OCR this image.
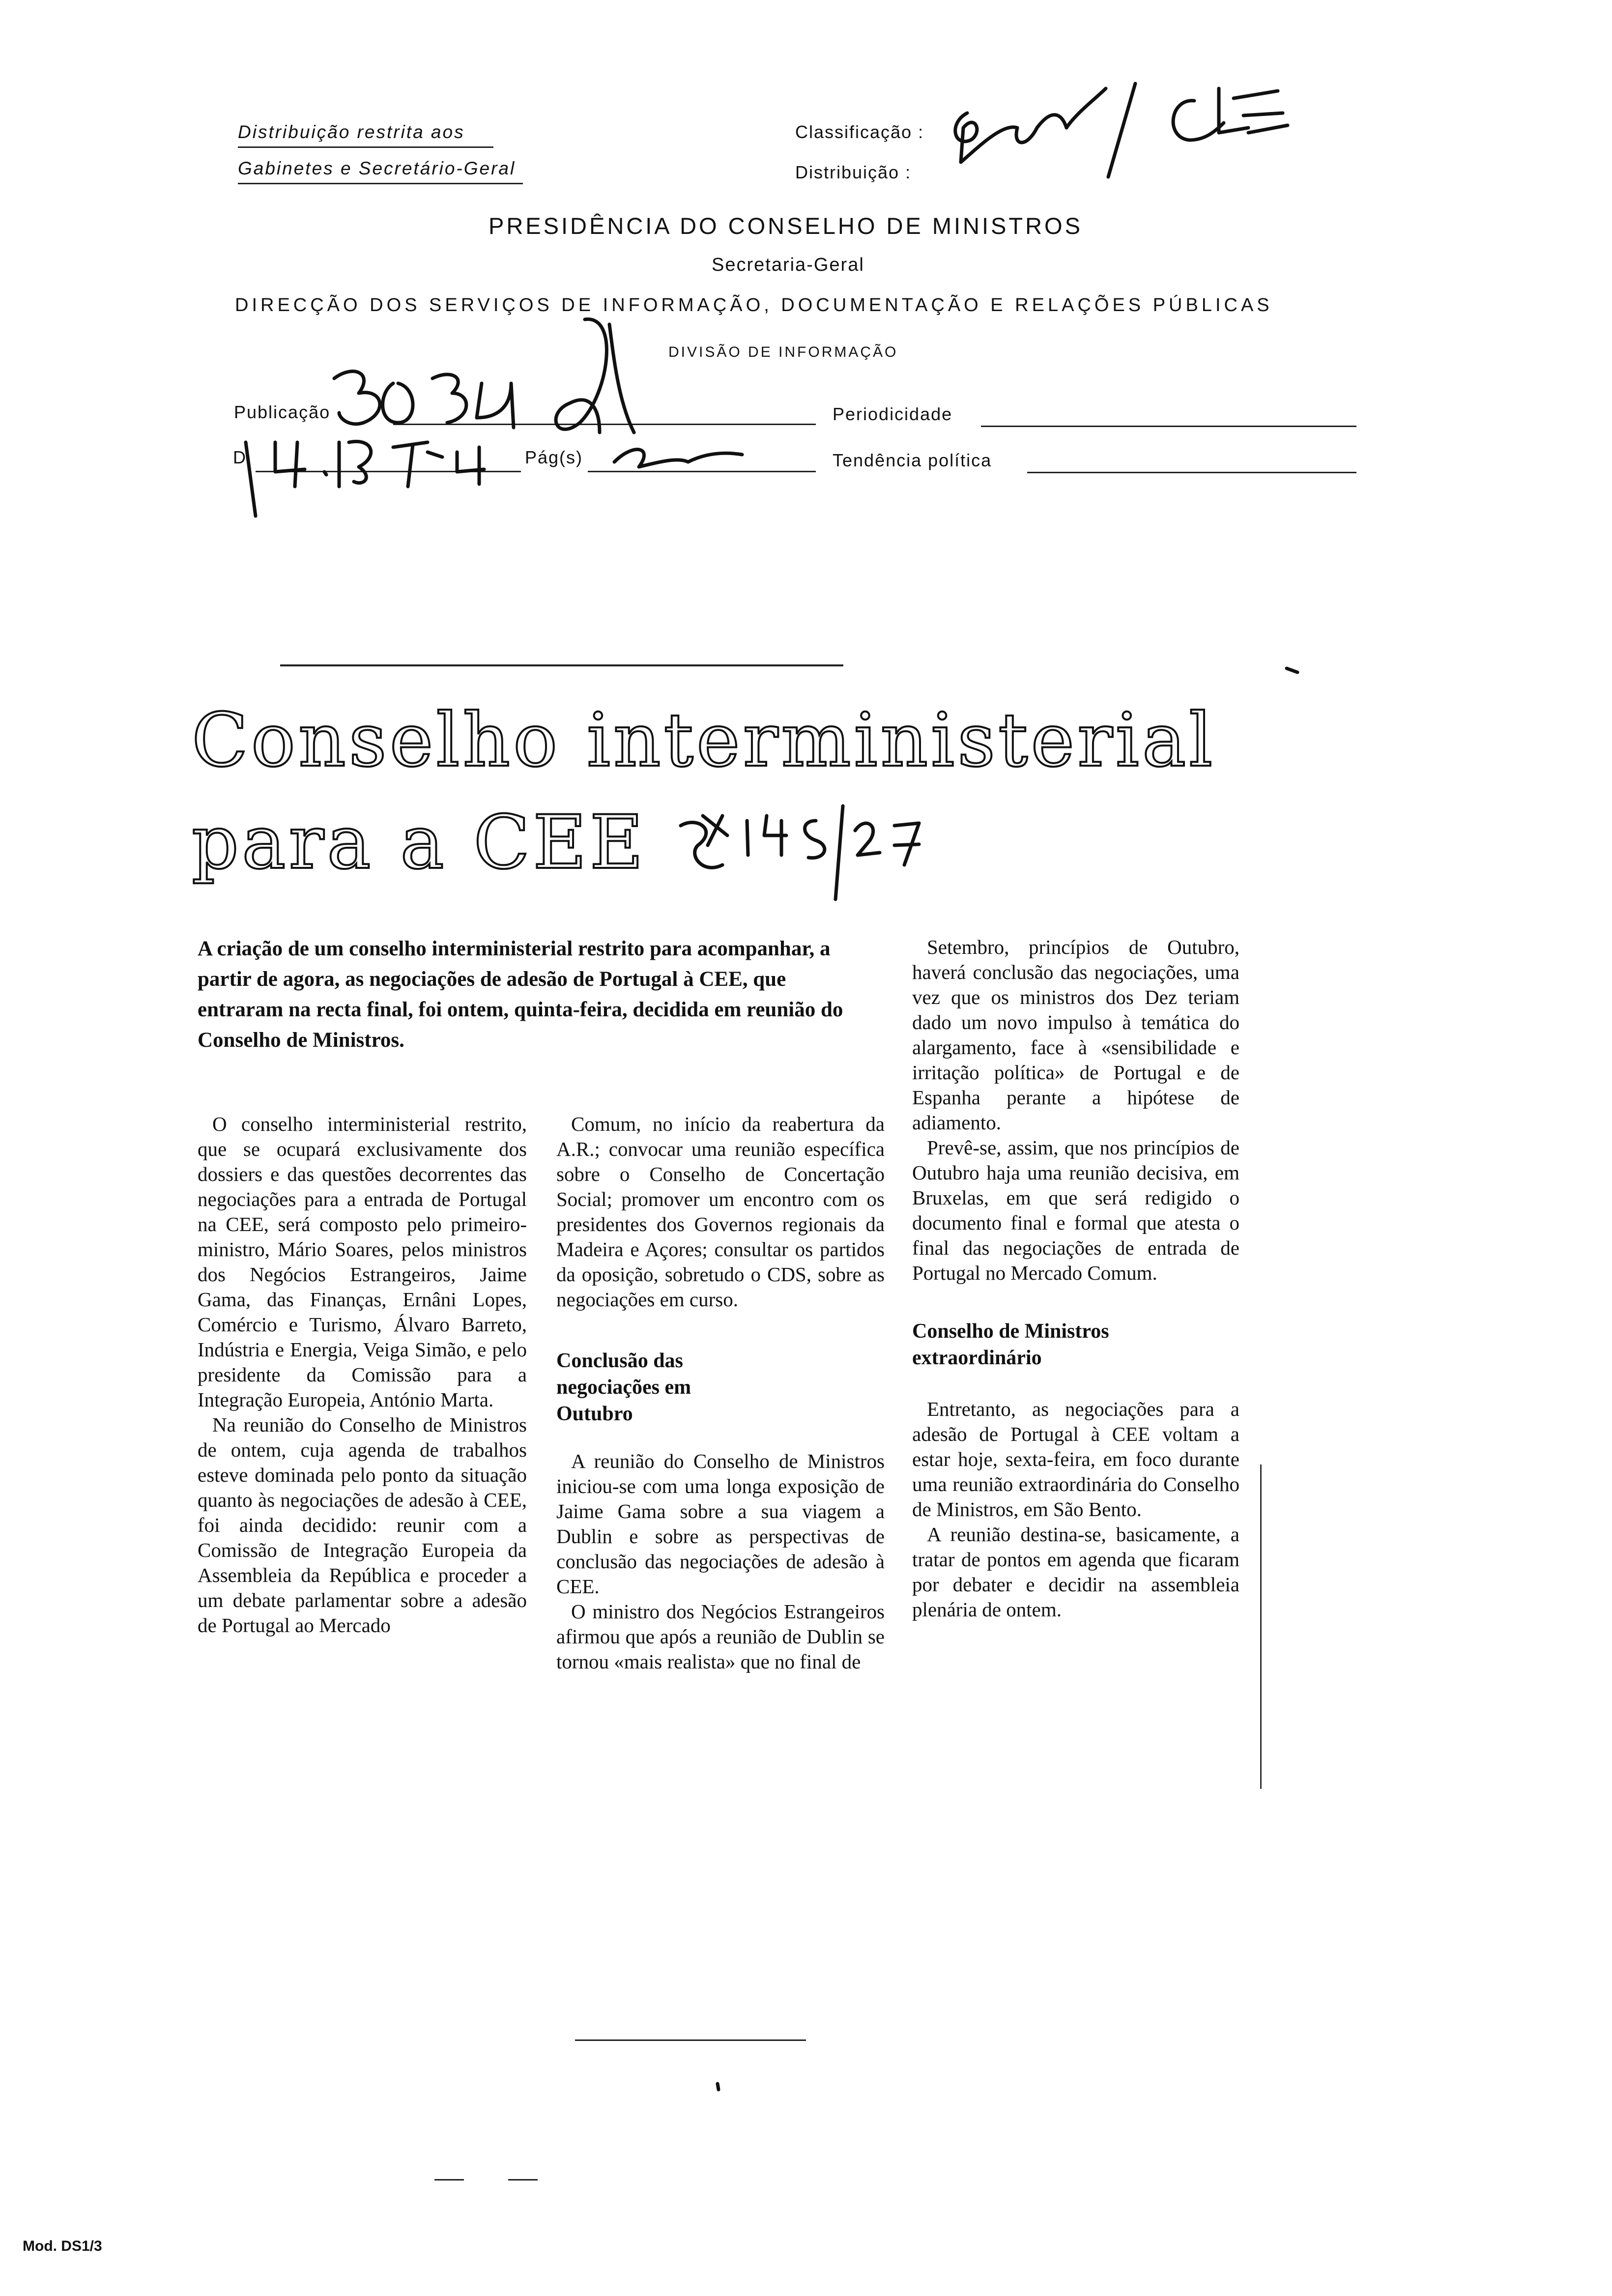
Distribuição restrita aos
Gabinetes e Secretário-Geral
Classificação :
Distribuição :
PRESIDÊNCIA DO CONSELHO DE MINISTROS
Secretaria-Geral
DIRECÇÃO DOS SERVIÇOS DE INFORMAÇÃO, DOCUMENTAÇÃO E RELAÇÕES PÚBLICAS
DIVISÃO DE INFORMAÇÃO
Publicação
D	Pág(s)
Periodicidade
Tendência política
Conselho interministerial
para a CEE
A criação de um conselho interministerial restrito para acompanhar, a partir de agora, as negociações de adesão de Portugal à CEE, que entraram na recta final, foi ontem, quinta-feira, decidida em reunião do Conselho de Ministros.

O conselho interministerial restrito, que se ocupará exclusivamente dos dossiers e das questões decorrentes das negociações para a entrada de Portugal na CEE, será composto pelo primeiro-ministro, Mário Soares, pelos ministros dos Negócios Estrangeiros, Jaime Gama, das Finanças, Ernâni Lopes, Comércio e Turismo, Álvaro Barreto, Indústria e Energia, Veiga Simão, e pelo presidente da Comissão para a Integração Europeia, António Marta.

Na reunião do Conselho de Ministros de ontem, cuja agenda de trabalhos esteve dominada pelo ponto da situação quanto às negociações de adesão à CEE, foi ainda decidido: reunir com a Comissão de Integração Europeia da Assembleia da República e proceder a um debate parlamentar sobre a adesão de Portugal ao Mercado

Comum, no início da reabertura da A.R.; convocar uma reunião específica sobre o Conselho de Concertação Social; promover um encontro com os presidentes dos Governos regionais da Madeira e Açores; consultar os partidos da oposição, sobretudo o CDS, sobre as negociações em curso.

Conclusão das negociações em Outubro

A reunião do Conselho de Ministros iniciou-se com uma longa exposição de Jaime Gama sobre a sua viagem a Dublin e sobre as perspectivas de conclusão das negociações de adesão à CEE.

O ministro dos Negócios Estrangeiros afirmou que após a reunião de Dublin se tornou «mais realista» que no final de

Setembro, princípios de Outubro, haverá conclusão das negociações, uma vez que os ministros dos Dez teriam dado um novo impulso à temática do alargamento, face à «sensibilidade e irritação política» de Portugal e de Espanha perante a hipótese de adiamento.

Prevê-se, assim, que nos princípios de Outubro haja uma reunião decisiva, em Bruxelas, em que será redigido o documento final e formal que atesta o final das negociações de entrada de Portugal no Mercado Comum.

Conselho de Ministros extraordinário

Entretanto, as negociações para a adesão de Portugal à CEE voltam a estar hoje, sexta-feira, em foco durante uma reunião extraordinária do Conselho de Ministros, em São Bento.

A reunião destina-se, basicamente, a tratar de pontos em agenda que ficaram por debater e decidir na assembleia plenária de ontem.

Mod. DS1/3
